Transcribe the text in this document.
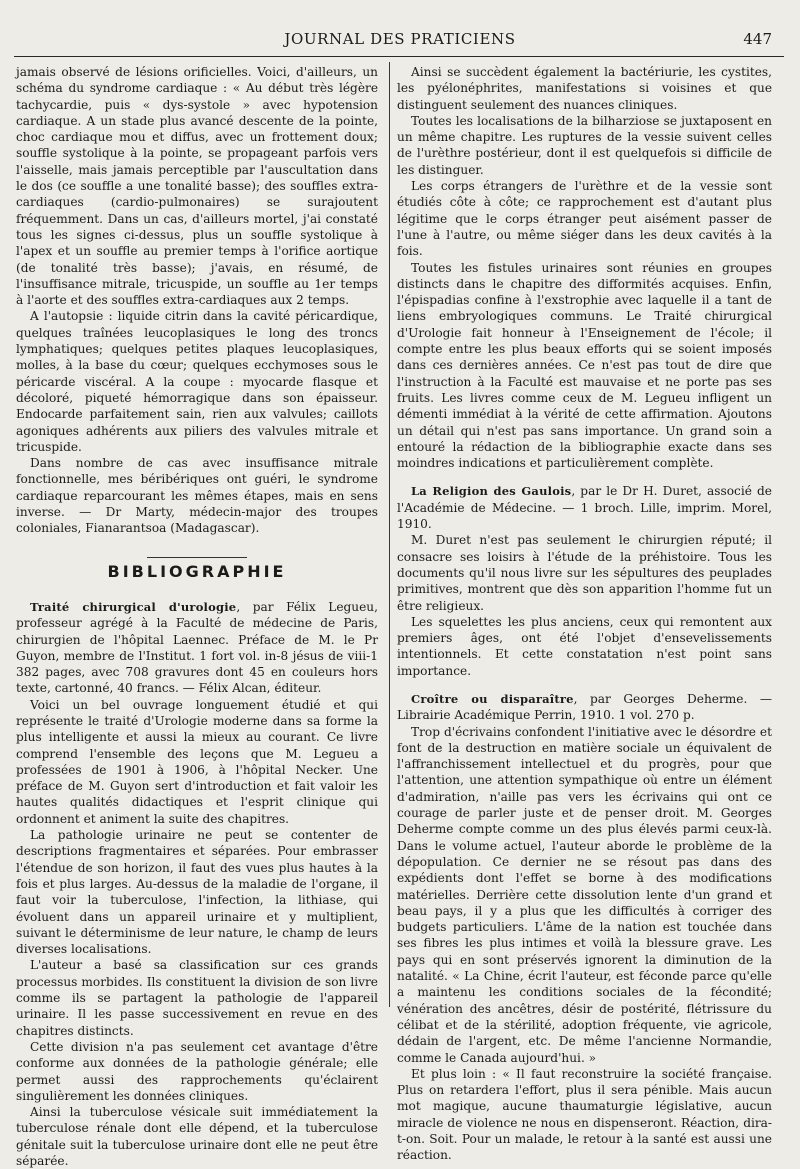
JOURNAL DES PRATICIENS	447

jamais observé de lésions orificielles. Voici, d'ailleurs, un schéma du syndrome cardiaque : « Au début très légère tachycardie, puis « dys-systole » avec hypotension cardiaque. A un stade plus avancé descente de la pointe, choc cardiaque mou et diffus, avec un frottement doux; souffle systolique à la pointe, se propageant parfois vers l'aisselle, mais jamais perceptible par l'auscultation dans le dos (ce souffle a une tonalité basse); des souffles extra-cardiaques (cardio-pulmonaires) se surajoutent fréquemment. Dans un cas, d'ailleurs mortel, j'ai constaté tous les signes ci-dessus, plus un souffle systolique à l'apex et un souffle au premier temps à l'orifice aortique (de tonalité très basse); j'avais, en résumé, de l'insuffisance mitrale, tricuspide, un souffle au 1er temps à l'aorte et des souffles extra-cardiaques aux 2 temps.

A l'autopsie : liquide citrin dans la cavité péricardique, quelques traînées leucoplasiques le long des troncs lymphatiques; quelques petites plaques leucoplasiques, molles, à la base du cœur; quelques ecchymoses sous le péricarde viscéral. A la coupe : myocarde flasque et décoloré, piqueté hémorragique dans son épaisseur. Endocarde parfaitement sain, rien aux valvules; caillots agoniques adhérents aux piliers des valvules mitrale et tricuspide.

Dans nombre de cas avec insuffisance mitrale fonctionnelle, mes béribériques ont guéri, le syndrome cardiaque reparcourant les mêmes étapes, mais en sens inverse. — Dr Marty, médecin-major des troupes coloniales, Fianarantsoa (Madagascar).

BIBLIOGRAPHIE

Traité chirurgical d'urologie, par Félix Legueu, professeur agrégé à la Faculté de médecine de Paris, chirurgien de l'hôpital Laennec. Préface de M. le Pr Guyon, membre de l'Institut. 1 fort vol. in-8 jésus de viii-1 382 pages, avec 708 gravures dont 45 en couleurs hors texte, cartonné, 40 francs. — Félix Alcan, éditeur.

Voici un bel ouvrage longuement étudié et qui représente le traité d'Urologie moderne dans sa forme la plus intelligente et aussi la mieux au courant. Ce livre comprend l'ensemble des leçons que M. Legueu a professées de 1901 à 1906, à l'hôpital Necker. Une préface de M. Guyon sert d'introduction et fait valoir les hautes qualités didactiques et l'esprit clinique qui ordonnent et animent la suite des chapitres.

La pathologie urinaire ne peut se contenter de descriptions fragmentaires et séparées. Pour embrasser l'étendue de son horizon, il faut des vues plus hautes à la fois et plus larges. Au-dessus de la maladie de l'organe, il faut voir la tuberculose, l'infection, la lithiase, qui évoluent dans un appareil urinaire et y multiplient, suivant le déterminisme de leur nature, le champ de leurs diverses localisations.

L'auteur a basé sa classification sur ces grands processus morbides. Ils constituent la division de son livre comme ils se partagent la pathologie de l'appareil urinaire. Il les passe successivement en revue en des chapitres distincts.

Cette division n'a pas seulement cet avantage d'être conforme aux données de la pathologie générale; elle permet aussi des rapprochements qu'éclairent singulièrement les données cliniques.

Ainsi la tuberculose vésicale suit immédiatement la tuberculose rénale dont elle dépend, et la tuberculose génitale suit la tuberculose urinaire dont elle ne peut être séparée.

Ainsi se succèdent également la bactériurie, les cystites, les pyélonéphrites, manifestations si voisines et que distinguent seulement des nuances cliniques.

Toutes les localisations de la bilharziose se juxtaposent en un même chapitre. Les ruptures de la vessie suivent celles de l'urèthre postérieur, dont il est quelquefois si difficile de les distinguer.

Les corps étrangers de l'urèthre et de la vessie sont étudiés côte à côte; ce rapprochement est d'autant plus légitime que le corps étranger peut aisément passer de l'une à l'autre, ou même siéger dans les deux cavités à la fois.

Toutes les fistules urinaires sont réunies en groupes distincts dans le chapitre des difformités acquises. Enfin, l'épispadias confine à l'exstrophie avec laquelle il a tant de liens embryologiques communs. Le Traité chirurgical d'Urologie fait honneur à l'Enseignement de l'école; il compte entre les plus beaux efforts qui se soient imposés dans ces dernières années. Ce n'est pas tout de dire que l'instruction à la Faculté est mauvaise et ne porte pas ses fruits. Les livres comme ceux de M. Legueu infligent un démenti immédiat à la vérité de cette affirmation. Ajoutons un détail qui n'est pas sans importance. Un grand soin a entouré la rédaction de la bibliographie exacte dans ses moindres indications et particulièrement complète.

La Religion des Gaulois, par le Dr H. Duret, associé de l'Académie de Médecine. — 1 broch. Lille, imprim. Morel, 1910.

M. Duret n'est pas seulement le chirurgien réputé; il consacre ses loisirs à l'étude de la préhistoire. Tous les documents qu'il nous livre sur les sépultures des peuplades primitives, montrent que dès son apparition l'homme fut un être religieux.

Les squelettes les plus anciens, ceux qui remontent aux premiers âges, ont été l'objet d'ensevelissements intentionnels. Et cette constatation n'est point sans importance.

Croître ou disparaître, par Georges Deherme. — Librairie Académique Perrin, 1910. 1 vol. 270 p.

Trop d'écrivains confondent l'initiative avec le désordre et font de la destruction en matière sociale un équivalent de l'affranchissement intellectuel et du progrès, pour que l'attention, une attention sympathique où entre un élément d'admiration, n'aille pas vers les écrivains qui ont ce courage de parler juste et de penser droit. M. Georges Deherme compte comme un des plus élevés parmi ceux-là. Dans le volume actuel, l'auteur aborde le problème de la dépopulation. Ce dernier ne se résout pas dans des expédients dont l'effet se borne à des modifications matérielles. Derrière cette dissolution lente d'un grand et beau pays, il y a plus que les difficultés à corriger des budgets particuliers. L'âme de la nation est touchée dans ses fibres les plus intimes et voilà la blessure grave. Les pays qui en sont préservés ignorent la diminution de la natalité. « La Chine, écrit l'auteur, est féconde parce qu'elle a maintenu les conditions sociales de la fécondité; vénération des ancêtres, désir de postérité, flétrissure du célibat et de la stérilité, adoption fréquente, vie agricole, dédain de l'argent, etc. De même l'ancienne Normandie, comme le Canada aujourd'hui. »

Et plus loin : « Il faut reconstruire la société française. Plus on retardera l'effort, plus il sera pénible. Mais aucun mot magique, aucune thaumaturgie législative, aucun miracle de violence ne nous en dispenseront. Réaction, dira-t-on. Soit. Pour un malade, le retour à la santé est aussi une réaction.
